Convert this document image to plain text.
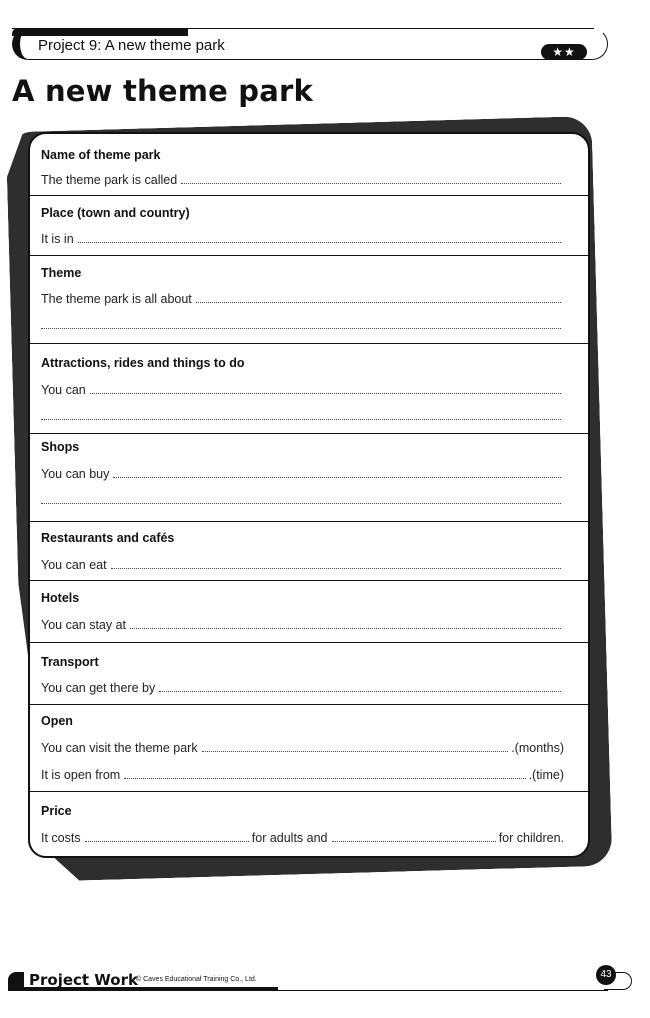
Project 9: A new theme park	★★
A new theme park
Name of theme park
The theme park is called
Place (town and country)
It is in
Theme
The theme park is all about
Attractions, rides and things to do
You can
Shops
You can buy
Restaurants and cafés
You can eat
Hotels
You can stay at
Transport
You can get there by
Open
You can visit the theme park	.(months)
It is open from	.(time)
Price
It costs	for adults and	for children.
Project Work
© Caves Educational Training Co., Ltd.	43
